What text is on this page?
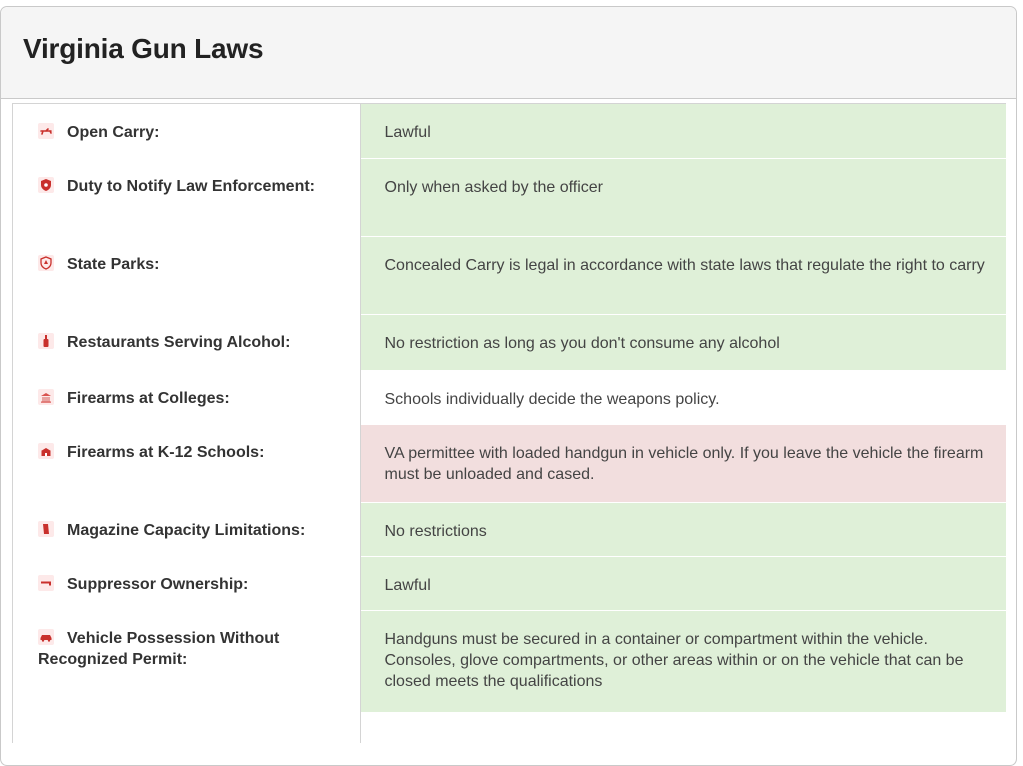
Virginia Gun Laws
Open Carry:	Lawful

Duty to Notify Law Enforcement:	Only when asked by the officer

State Parks:	Concealed Carry is legal in accordance with state laws that regulate the right to carry

Restaurants Serving Alcohol:	No restriction as long as you don't consume any alcohol

Firearms at Colleges:	Schools individually decide the weapons policy.

Firearms at K-12 Schools:	VA permittee with loaded handgun in vehicle only. If you leave the vehicle the firearm must be unloaded and cased.

Magazine Capacity Limitations:	No restrictions

Suppressor Ownership:	Lawful

Vehicle Possession Without Recognized Permit:	Handguns must be secured in a container or compartment within the vehicle. Consoles, glove compartments, or other areas within or on the vehicle that can be closed meets the qualifications
